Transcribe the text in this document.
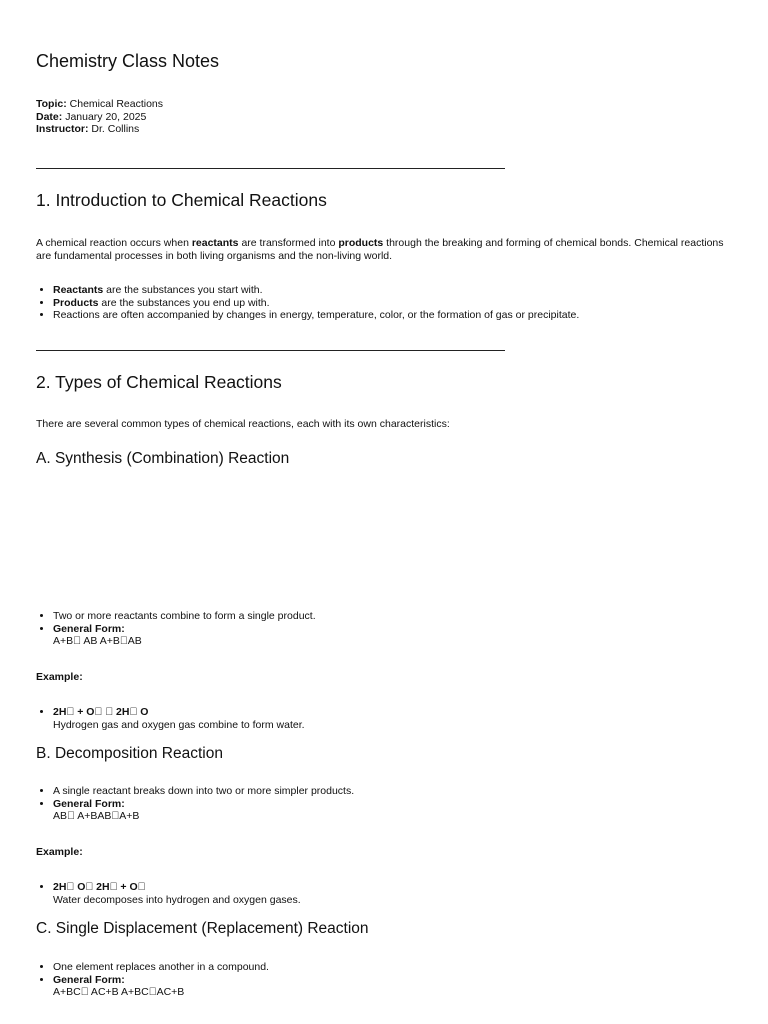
Chemistry Class Notes
Topic: Chemical Reactions
Date: January 20, 2025
Instructor: Dr. Collins
1. Introduction to Chemical Reactions

A chemical reaction occurs when reactants are transformed into products through the breaking and forming of chemical bonds. Chemical reactions are fundamental processes in both living organisms and the non-living world.

• Reactants are the substances you start with.
• Products are the substances you end up with.
• Reactions are often accompanied by changes in energy, temperature, color, or the formation of gas or precipitate.
2. Types of Chemical Reactions

There are several common types of chemical reactions, each with its own characteristics:

A. Synthesis (Combination) Reaction
• Two or more reactants combine to form a single product.
• General Form:
A+B  AB A+B AB
Example:
• 2H  + O    2H  O
Hydrogen gas and oxygen gas combine to form water.
B. Decomposition Reaction
• A single reactant breaks down into two or more simpler products.
• General Form:
AB  A+BAB A+B
Example:
• 2H  O  2H  + O 
Water decomposes into hydrogen and oxygen gases.
C. Single Displacement (Replacement) Reaction
• One element replaces another in a compound.
• General Form:
A+BC  AC+B A+BC AC+B
